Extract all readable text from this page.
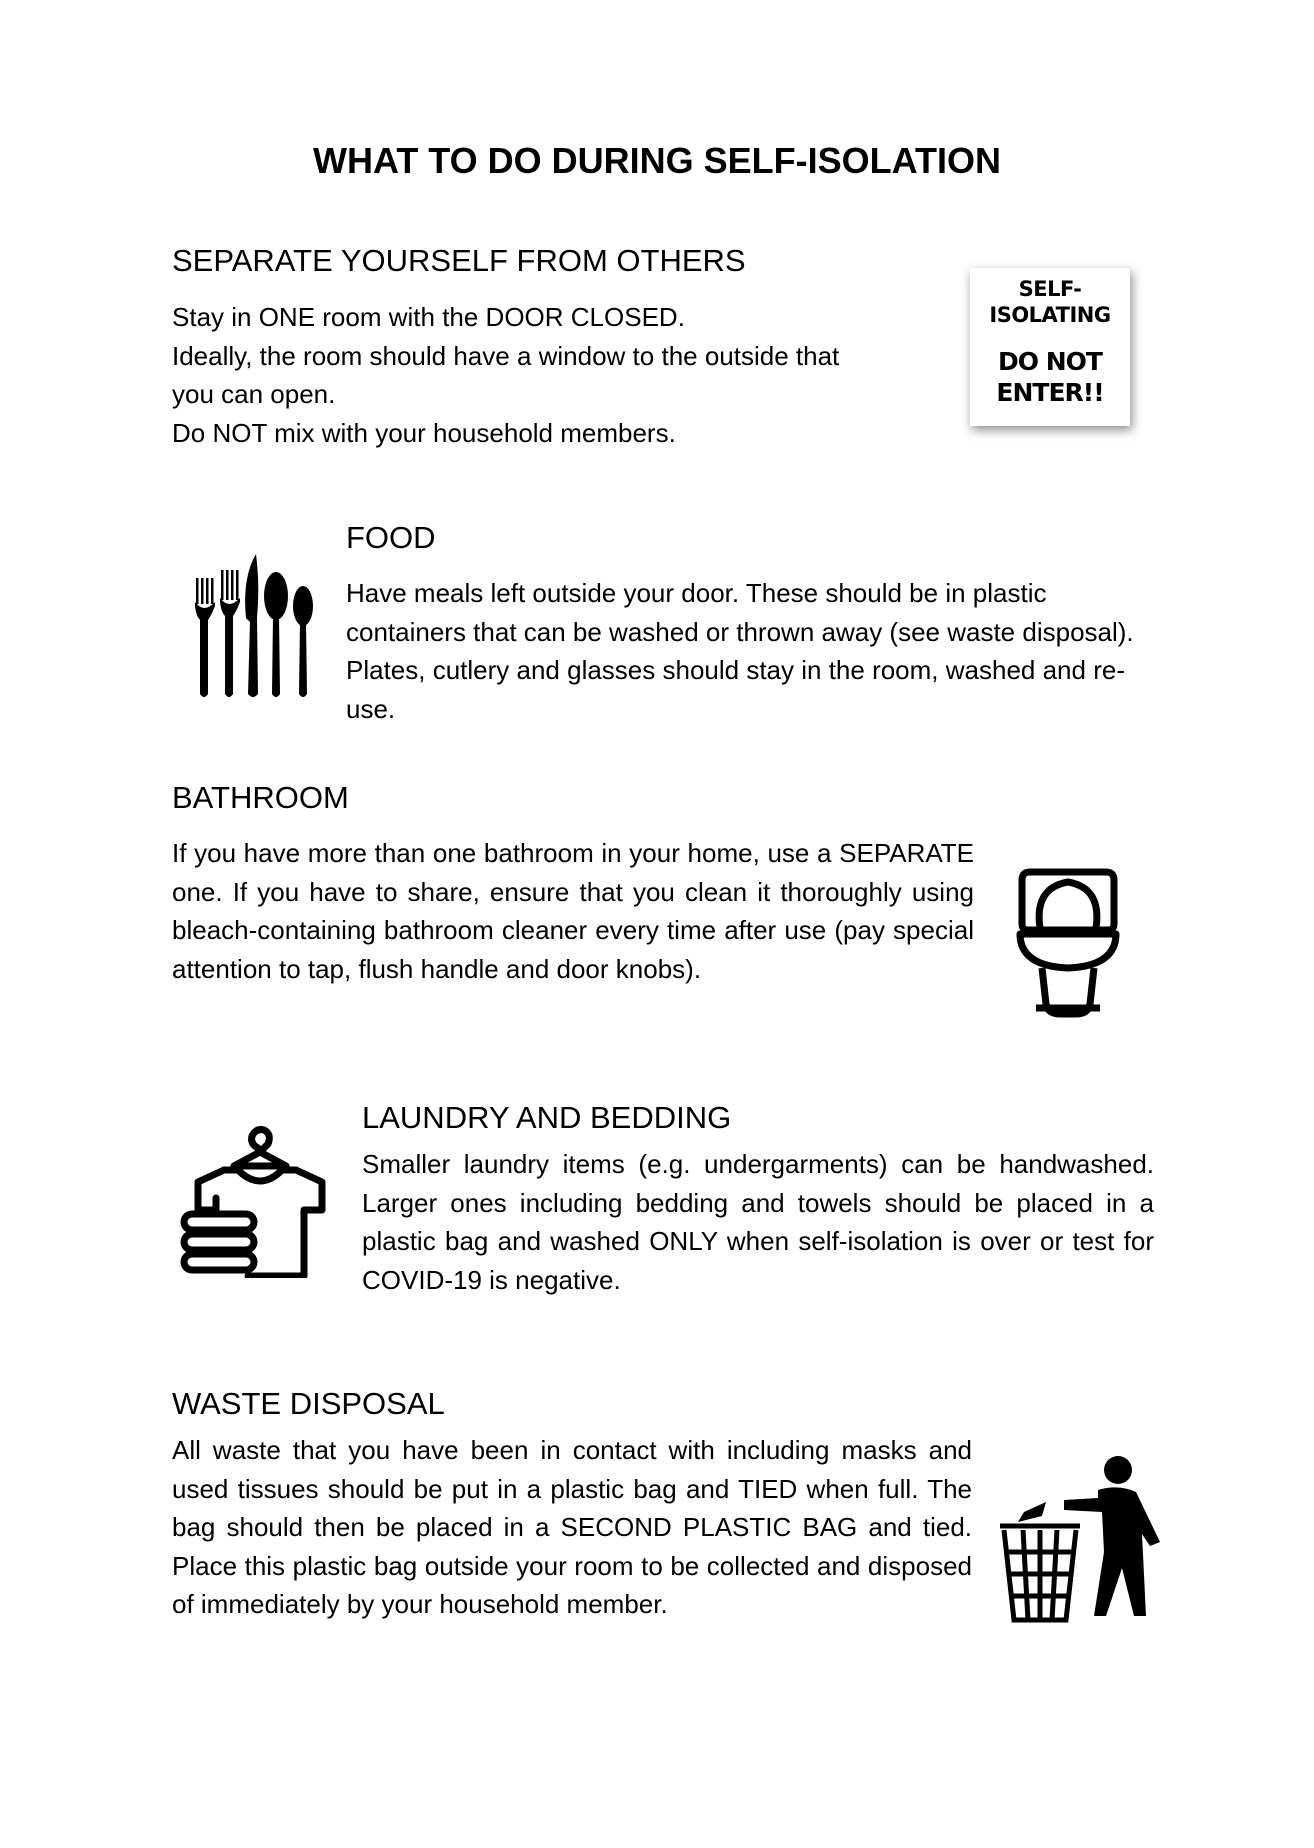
WHAT TO DO DURING SELF-ISOLATION
SEPARATE YOURSELF FROM OTHERS
Stay in ONE room with the DOOR CLOSED.
Ideally, the room should have a window to the outside that
you can open.
Do NOT mix with your household members.
SELF-
ISOLATING
DO NOT
ENTER!!
FOOD

Have meals left outside your door. These should be in plastic containers that can be washed or thrown away (see waste disposal). Plates, cutlery and glasses should stay in the room, washed and re-use.

BATHROOM

If you have more than one bathroom in your home, use a SEPARATE one. If you have to share, ensure that you clean it thoroughly using bleach-containing bathroom cleaner every time after use (pay special attention to tap, flush handle and door knobs).

LAUNDRY AND BEDDING

Smaller laundry items (e.g. undergarments) can be handwashed. Larger ones including bedding and towels should be placed in a plastic bag and washed ONLY when self-isolation is over or test for COVID-19 is negative.

WASTE DISPOSAL

All waste that you have been in contact with including masks and used tissues should be put in a plastic bag and TIED when full. The bag should then be placed in a SECOND PLASTIC BAG and tied. Place this plastic bag outside your room to be collected and disposed of immediately by your household member.
